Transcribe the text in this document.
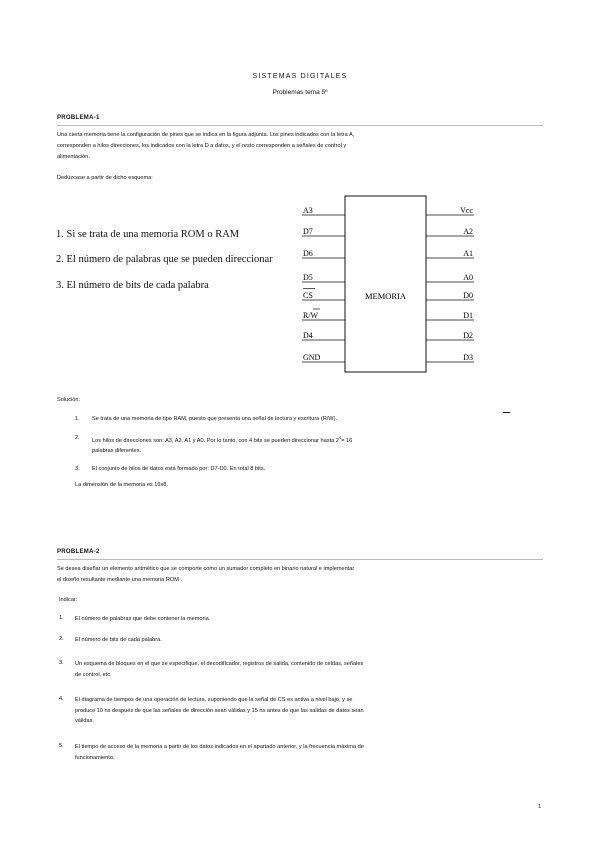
SISTEMAS DIGITALES
Problemas tema 5º
PROBLEMA-1
Una cierta memoria tiene la configuración de pines que se indica en la figura adjunta. Los pines indicados con la letra A,
corresponden a hilos direcciones, los indicados con la letra D a datos, y el resto corresponden a señales de control y
alimentación.
Dedúzcase a partir de dicho esquema:
1. Si se trata de una memoria ROM o RAM
2. El número de palabras que se pueden direccionar
3. El número de bits de cada palabra
MEMORIA
A3
D7
D6
D5
CS
R/W
D4
GND
Vcc
A2
A1
A0
D0
D1
D2
D3
Solución:
1. Se trata de una memoria de tipo RAM, puesto que presenta una señal de lectura y escritura (R/W).
2. Los hilos de direcciones son: A3, A2, A1 y A0. Por lo tanto, con 4 bits se pueden direccionar hasta $2^4= 16$
palabras diferentes.
3. El conjunto de hilos de datos está formado por: D7-D0. En total 8 bits.
La dimensión de la memoria es 16x8.
PROBLEMA-2
Se desea diseñar un elemento aritmético que se comporte como un sumador completo en binario natural e implementar
el diseño resultante mediante una memoria ROM .
Indicar:
1. El número de palabras que debe contener la memoria.
2. El número de bits de cada palabra.
3. Un esquema de bloques en el que se especifique, el decodificador, registros de salida, contenido de celdas, señales
de control, etc.
4. El diagrama de tiempos de una operación de lectura, suponiendo que la señal de CS es activa a nivel bajo, y se
produce 10 ns después de que las señales de dirección sean válidas y 15 ns antes de que las salidas de datos sean
válidas.
5. El tiempo de acceso de la memoria a partir de los datos indicados en el apartado anterior, y la frecuencia máxima de
funcionamiento.
1
